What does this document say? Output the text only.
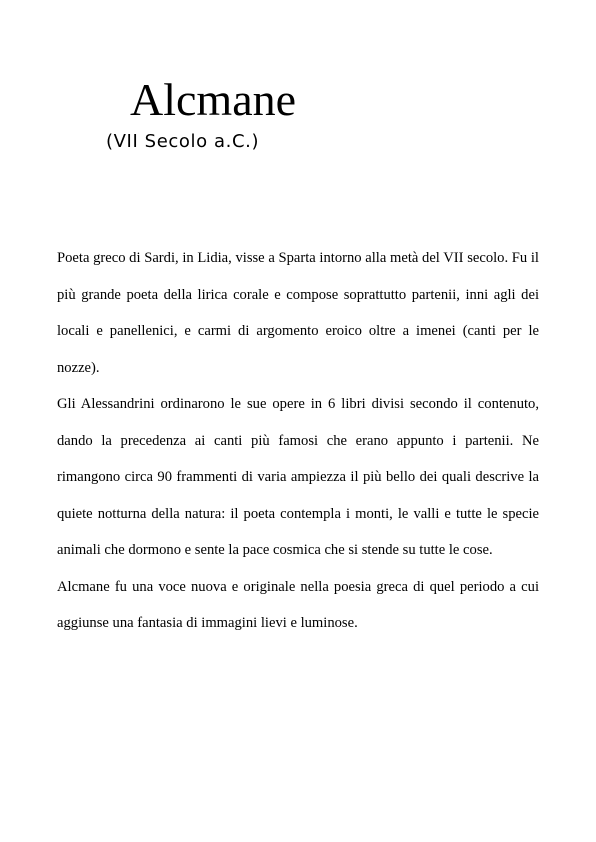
Alcmane
(VII Secolo a.C.)

Poeta greco di Sardi, in Lidia, visse a Sparta intorno alla metà del VII secolo. Fu il più grande poeta della lirica corale e compose soprattutto partenii, inni agli dei locali e panellenici, e carmi di argomento eroico oltre a imenei (canti per le nozze).

Gli Alessandrini ordinarono le sue opere in 6 libri divisi secondo il contenuto, dando la precedenza ai canti più famosi che erano appunto i partenii. Ne rimangono circa 90 frammenti di varia ampiezza il più bello dei quali descrive la quiete notturna della natura: il poeta contempla i monti, le valli e tutte le specie animali che dormono e sente la pace cosmica che si stende su tutte le cose.

Alcmane fu una voce nuova e originale nella poesia greca di quel periodo a cui aggiunse una fantasia di immagini lievi e luminose.
